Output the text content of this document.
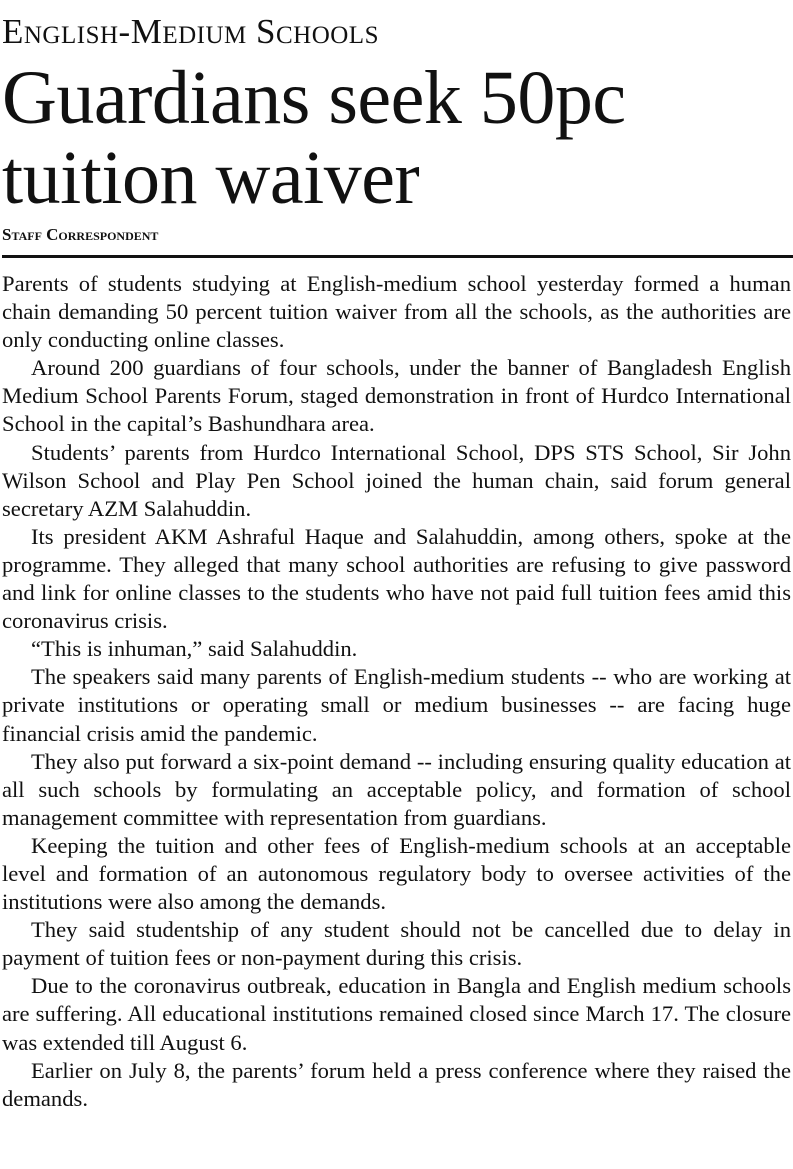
English-Medium Schools
Guardians seek 50pc tuition waiver
Staff Correspondent

Parents of students studying at English-medium school yesterday formed a human chain demanding 50 percent tuition waiver from all the schools, as the authorities are only conducting online classes.

Around 200 guardians of four schools, under the banner of Bangladesh English Medium School Parents Forum, staged demonstration in front of Hurdco International School in the capital’s Bashundhara area.

Students’ parents from Hurdco International School, DPS STS School, Sir John Wilson School and Play Pen School joined the human chain, said forum general secretary AZM Salahuddin.

Its president AKM Ashraful Haque and Salahuddin, among others, spoke at the programme. They alleged that many school authorities are refusing to give password and link for online classes to the students who have not paid full tuition fees amid this coronavirus crisis.

“This is inhuman,” said Salahuddin.

The speakers said many parents of English-medium students -- who are working at private institutions or operating small or medium businesses -- are facing huge financial crisis amid the pandemic.

They also put forward a six-point demand -- including ensuring quality education at all such schools by formulating an acceptable policy, and formation of school management committee with representation from guardians.

Keeping the tuition and other fees of English-medium schools at an acceptable level and formation of an autonomous regulatory body to oversee activities of the institutions were also among the demands.

They said studentship of any student should not be cancelled due to delay in payment of tuition fees or non-payment during this crisis.

Due to the coronavirus outbreak, education in Bangla and English medium schools are suffering. All educational institutions remained closed since March 17. The closure was extended till August 6.

Earlier on July 8, the parents’ forum held a press conference where they raised the demands.
